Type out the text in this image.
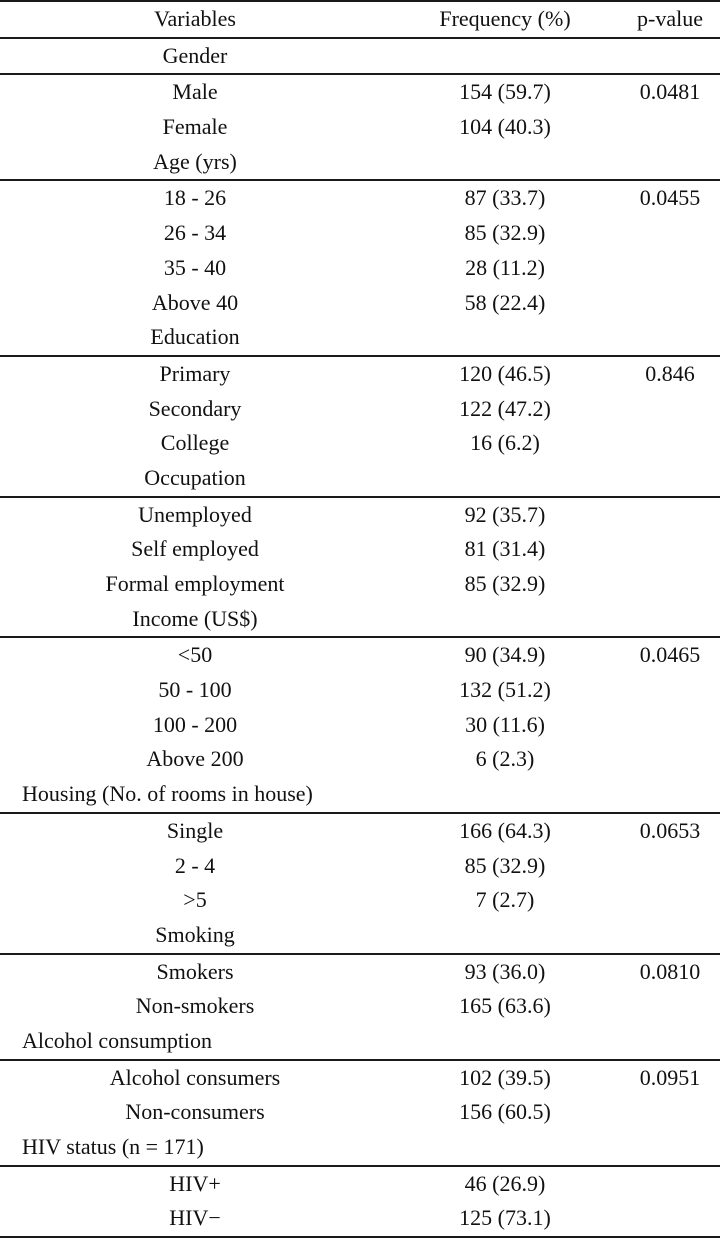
Variables	Frequency (%)	p-value
Gender
Male	154 (59.7)	0.0481
Female	104 (40.3)
Age (yrs)
18 - 26	87 (33.7)	0.0455
26 - 34	85 (32.9)
35 - 40	28 (11.2)
Above 40	58 (22.4)
Education
Primary	120 (46.5)	0.846
Secondary	122 (47.2)
College	16 (6.2)
Occupation
Unemployed	92 (35.7)
Self employed	81 (31.4)
Formal employment	85 (32.9)
Income (US$)
<50	90 (34.9)	0.0465
50 - 100	132 (51.2)
100 - 200	30 (11.6)
Above 200	6 (2.3)
Housing (No. of rooms in house)
Single	166 (64.3)	0.0653
2 - 4	85 (32.9)
>5	7 (2.7)
Smoking
Smokers	93 (36.0)	0.0810
Non-smokers	165 (63.6)
Alcohol consumption
Alcohol consumers	102 (39.5)	0.0951
Non-consumers	156 (60.5)
HIV status (n = 171)
HIV+	46 (26.9)
HIV−	125 (73.1)
